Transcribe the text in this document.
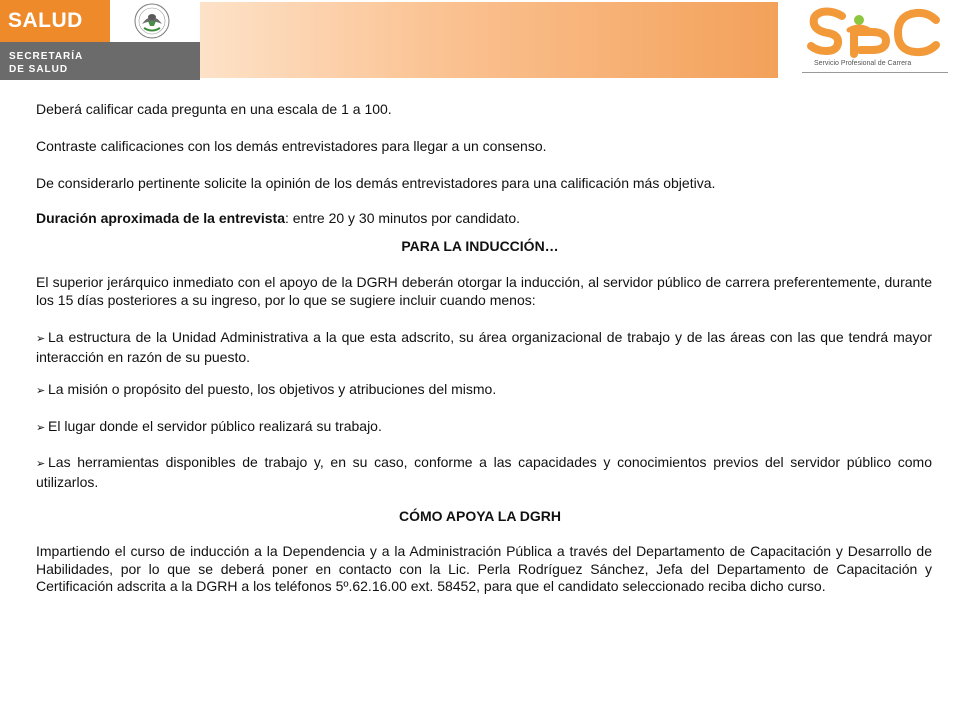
SALUD
SECRETARÍA
DE SALUD
Servicio Profesional de Carrera
Deberá calificar cada pregunta en una escala de 1 a 100.
Contraste calificaciones con los demás entrevistadores para llegar a un consenso.
De considerarlo pertinente solicite la opinión de los demás entrevistadores para una calificación más objetiva.
Duración aproximada de la entrevista: entre 20 y 30 minutos por candidato.
PARA LA INDUCCIÓN…
El superior jerárquico inmediato con el apoyo de la DGRH deberán otorgar la inducción, al servidor público de carrera preferentemente, durante los 15 días posteriores a su ingreso, por lo que se sugiere incluir cuando menos:
➢ La estructura de la Unidad Administrativa a la que esta adscrito, su área organizacional de trabajo y de las áreas con las que tendrá mayor interacción en razón de su puesto.
➢ La misión o propósito del puesto, los objetivos y atribuciones del mismo.
➢ El lugar donde el servidor público realizará su trabajo.
➢ Las herramientas disponibles de trabajo y, en su caso, conforme a las capacidades y conocimientos previos del servidor público como utilizarlos.
CÓMO APOYA LA DGRH
Impartiendo el curso de inducción a la Dependencia y a la Administración Pública a través del Departamento de Capacitación y Desarrollo de Habilidades, por lo que se deberá poner en contacto con la Lic. Perla Rodríguez Sánchez, Jefa del Departamento de Capacitación y Certificación adscrita a la DGRH a los teléfonos 5º.62.16.00 ext. 58452, para que el candidato seleccionado reciba dicho curso.
